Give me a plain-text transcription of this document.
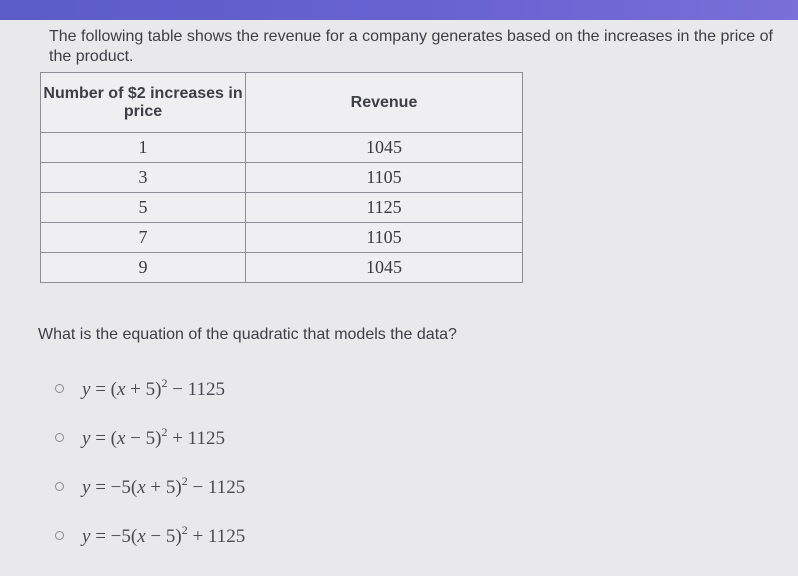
The following table shows the revenue for a company generates based on the increases in the price of the product.
Number of $2 increases in price	Revenue
1	1045
3	1105
5	1125
7	1105
9	1045
What is the equation of the quadratic that models the data?
$y = (x + 5)^2 - 1125$
$y = (x - 5)^2 + 1125$
$y = -5(x + 5)^2 - 1125$
$y = -5(x - 5)^2 + 1125$
